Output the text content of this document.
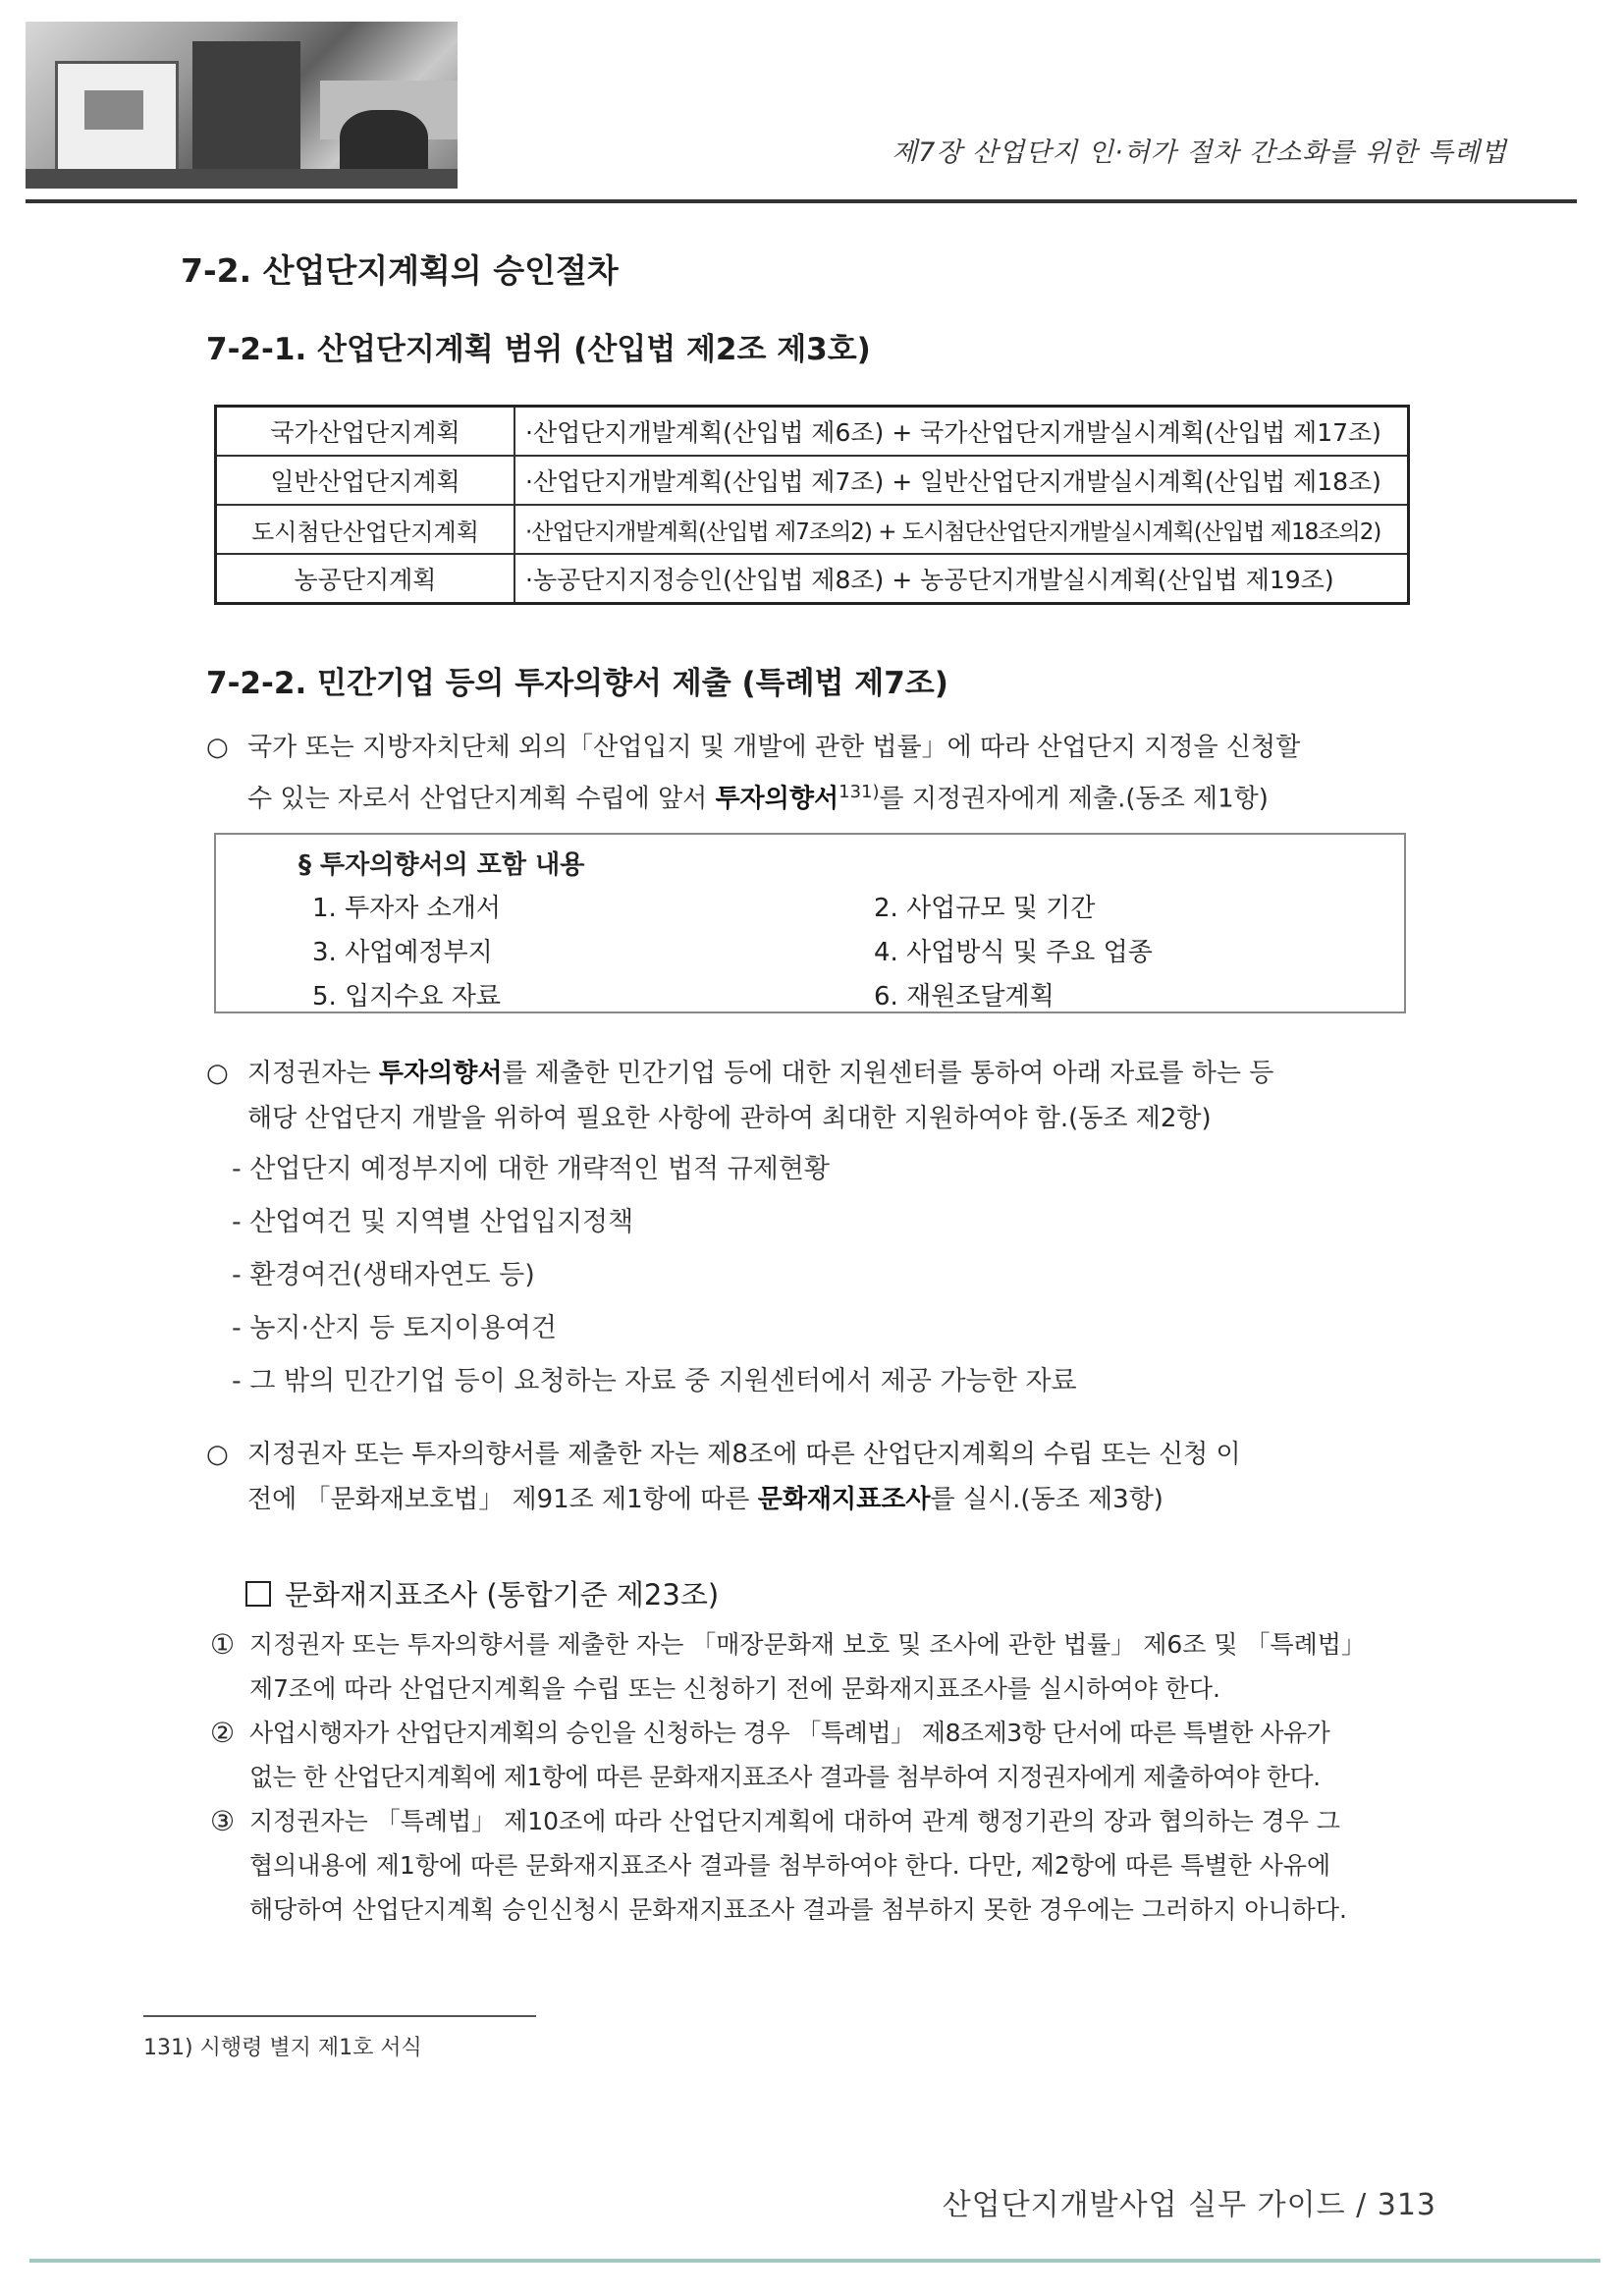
제7장 산업단지 인·허가 절차 간소화를 위한 특례법
7-2. 산업단지계획의 승인절차
7-2-1. 산업단지계획 범위 (산입법 제2조 제3호)
국가산업단지계획	·산업단지개발계획(산입법 제6조) + 국가산업단지개발실시계획(산입법 제17조)
일반산업단지계획	·산업단지개발계획(산입법 제7조) + 일반산업단지개발실시계획(산입법 제18조)
도시첨단산업단지계획	·산업단지개발계획(산입법 제7조의2) + 도시첨단산업단지개발실시계획(산입법 제18조의2)
농공단지계획	·농공단지지정승인(산입법 제8조) + 농공단지개발실시계획(산입법 제19조)
7-2-2. 민간기업 등의 투자의향서 제출 (특례법 제7조)
○ 국가 또는 지방자치단체 외의「산업입지 및 개발에 관한 법률」에 따라 산업단지 지정을 신청할
수 있는 자로서 산업단지계획 수립에 앞서 투자의향서$^{131)}$를 지정권자에게 제출.(동조 제1항)
§ 투자의향서의 포함 내용
1. 투자자 소개서	2. 사업규모 및 기간
3. 사업예정부지	4. 사업방식 및 주요 업종
5. 입지수요 자료	6. 재원조달계획
○ 지정권자는 투자의향서를 제출한 민간기업 등에 대한 지원센터를 통하여 아래 자료를 하는 등
해당 산업단지 개발을 위하여 필요한 사항에 관하여 최대한 지원하여야 함.(동조 제2항)
- 산업단지 예정부지에 대한 개략적인 법적 규제현황
- 산업여건 및 지역별 산업입지정책
- 환경여건(생태자연도 등)
- 농지·산지 등 토지이용여건
- 그 밖의 민간기업 등이 요청하는 자료 중 지원센터에서 제공 가능한 자료
○ 지정권자 또는 투자의향서를 제출한 자는 제8조에 따른 산업단지계획의 수립 또는 신청 이
전에 「문화재보호법」 제91조 제1항에 따른 문화재지표조사를 실시.(동조 제3항)
문화재지표조사 (통합기준 제23조)
① 지정권자 또는 투자의향서를 제출한 자는 「매장문화재 보호 및 조사에 관한 법률」 제6조 및 「특례법」
제7조에 따라 산업단지계획을 수립 또는 신청하기 전에 문화재지표조사를 실시하여야 한다.
② 사업시행자가 산업단지계획의 승인을 신청하는 경우 「특례법」 제8조제3항 단서에 따른 특별한 사유가
없는 한 산업단지계획에 제1항에 따른 문화재지표조사 결과를 첨부하여 지정권자에게 제출하여야 한다.
③ 지정권자는 「특례법」 제10조에 따라 산업단지계획에 대하여 관계 행정기관의 장과 협의하는 경우 그
협의내용에 제1항에 따른 문화재지표조사 결과를 첨부하여야 한다. 다만, 제2항에 따른 특별한 사유에
해당하여 산업단지계획 승인신청시 문화재지표조사 결과를 첨부하지 못한 경우에는 그러하지 아니하다.
131) 시행령 별지 제1호 서식
산업단지개발사업 실무 가이드 / 313
